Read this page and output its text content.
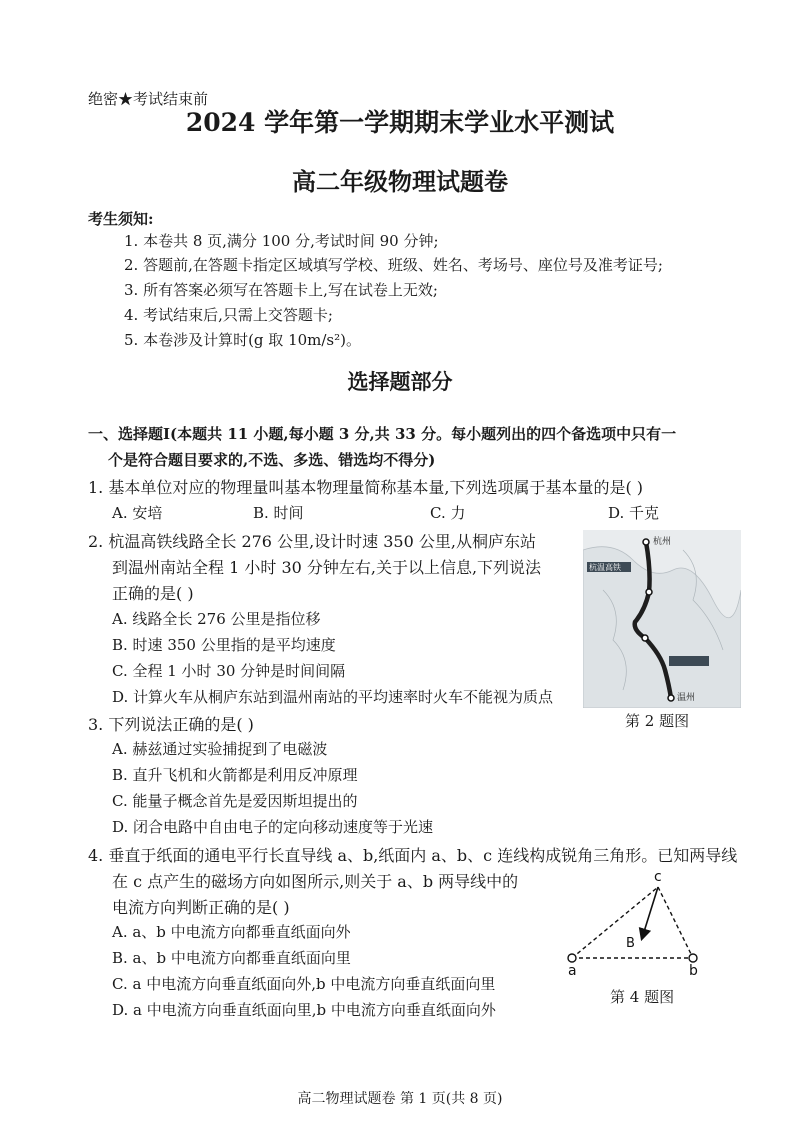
绝密★考试结束前
2024 学年第一学期期末学业水平测试
高二年级物理试题卷
考生须知:
1. 本卷共 8 页,满分 100 分,考试时间 90 分钟;
2. 答题前,在答题卡指定区域填写学校、班级、姓名、考场号、座位号及准考证号;
3. 所有答案必须写在答题卡上,写在试卷上无效;
4. 考试结束后,只需上交答题卡;
5. 本卷涉及计算时(g 取 10m/s²)。
选择题部分
一、选择题Ⅰ(本题共 11 小题,每小题 3 分,共 33 分。每小题列出的四个备选项中只有一
个是符合题目要求的,不选、多选、错选均不得分)
1. 基本单位对应的物理量叫基本物理量简称基本量,下列选项属于基本量的是( )
A. 安培	B. 时间	C. 力	D. 千克
2. 杭温高铁线路全长 276 公里,设计时速 350 公里,从桐庐东站
到温州南站全程 1 小时 30 分钟左右,关于以上信息,下列说法
正确的是( )
A. 线路全长 276 公里是指位移
B. 时速 350 公里指的是平均速度
C. 全程 1 小时 30 分钟是时间间隔
D. 计算火车从桐庐东站到温州南站的平均速率时火车不能视为质点
杭州
杭温高铁
温州
第 2 题图
3. 下列说法正确的是( )
A. 赫兹通过实验捕捉到了电磁波
B. 直升飞机和火箭都是利用反冲原理
C. 能量子概念首先是爱因斯坦提出的
D. 闭合电路中自由电子的定向移动速度等于光速
4. 垂直于纸面的通电平行长直导线 a、b,纸面内 a、b、c 连线构成锐角三角形。已知两导线
在 c 点产生的磁场方向如图所示,则关于 a、b 两导线中的
电流方向判断正确的是( )
A. a、b 中电流方向都垂直纸面向外
B. a、b 中电流方向都垂直纸面向里
C. a 中电流方向垂直纸面向外,b 中电流方向垂直纸面向里
D. a 中电流方向垂直纸面向里,b 中电流方向垂直纸面向外
c
a	b
B
第 4 题图
高二物理试题卷 第 1 页(共 8 页)
